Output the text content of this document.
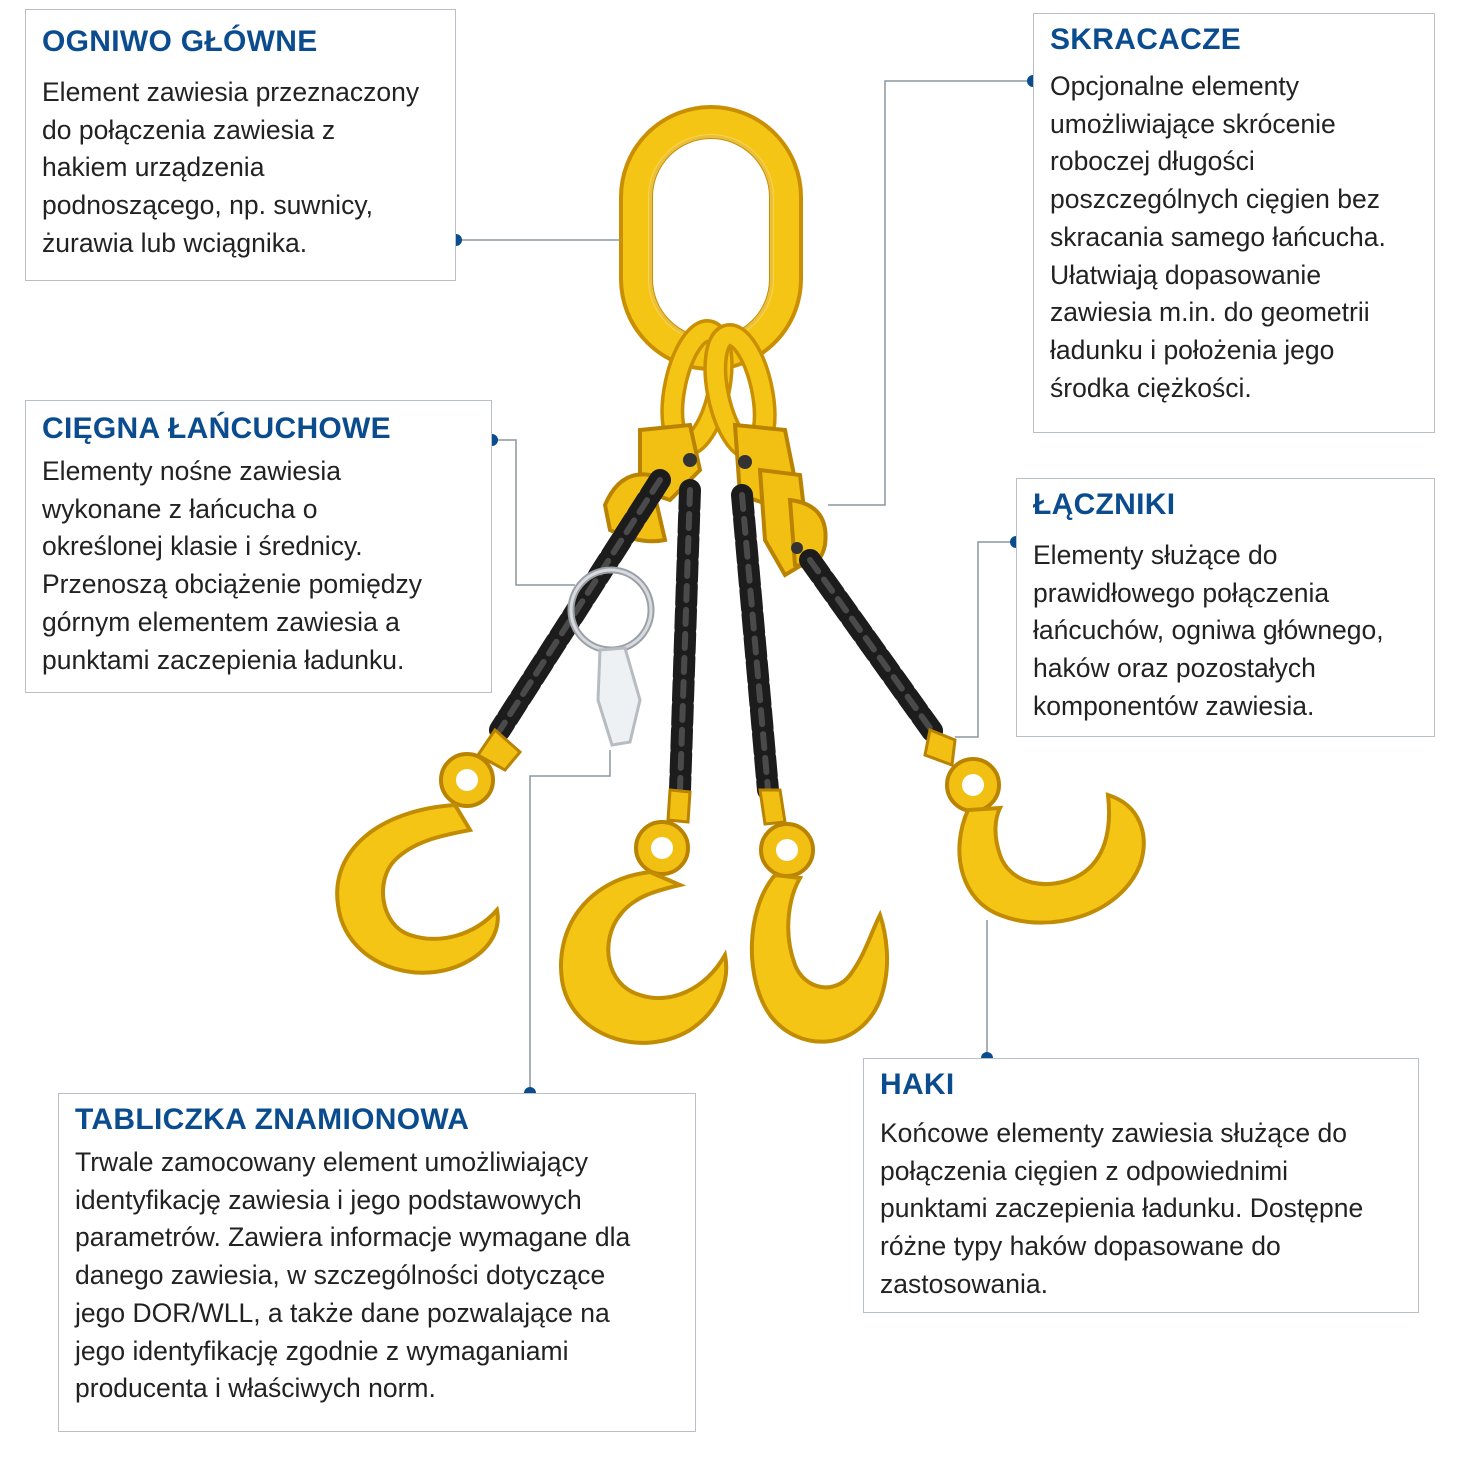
OGNIWO GŁÓWNE

Element zawiesia przeznaczony
do połączenia zawiesia z
hakiem urządzenia
podnoszącego, np. suwnicy,
żurawia lub wciągnika.

SKRACACZE

Opcjonalne elementy
umożliwiające skrócenie
roboczej długości
poszczególnych cięgien bez
skracania samego łańcucha.
Ułatwiają dopasowanie
zawiesia m.in. do geometrii
ładunku i położenia jego
środka ciężkości.

CIĘGNA ŁAŃCUCHOWE

Elementy nośne zawiesia
wykonane z łańcucha o
określonej klasie i średnicy.
Przenoszą obciążenie pomiędzy
górnym elementem zawiesia a
punktami zaczepienia ładunku.

ŁĄCZNIKI

Elementy służące do
prawidłowego połączenia
łańcuchów, ogniwa głównego,
haków oraz pozostałych
komponentów zawiesia.

TABLICZKA ZNAMIONOWA

Trwale zamocowany element umożliwiający
identyfikację zawiesia i jego podstawowych
parametrów. Zawiera informacje wymagane dla
danego zawiesia, w szczególności dotyczące
jego DOR/WLL, a także dane pozwalające na
jego identyfikację zgodnie z wymaganiami
producenta i właściwych norm.

HAKI

Końcowe elementy zawiesia służące do
połączenia cięgien z odpowiednimi
punktami zaczepienia ładunku. Dostępne
różne typy haków dopasowane do
zastosowania.
